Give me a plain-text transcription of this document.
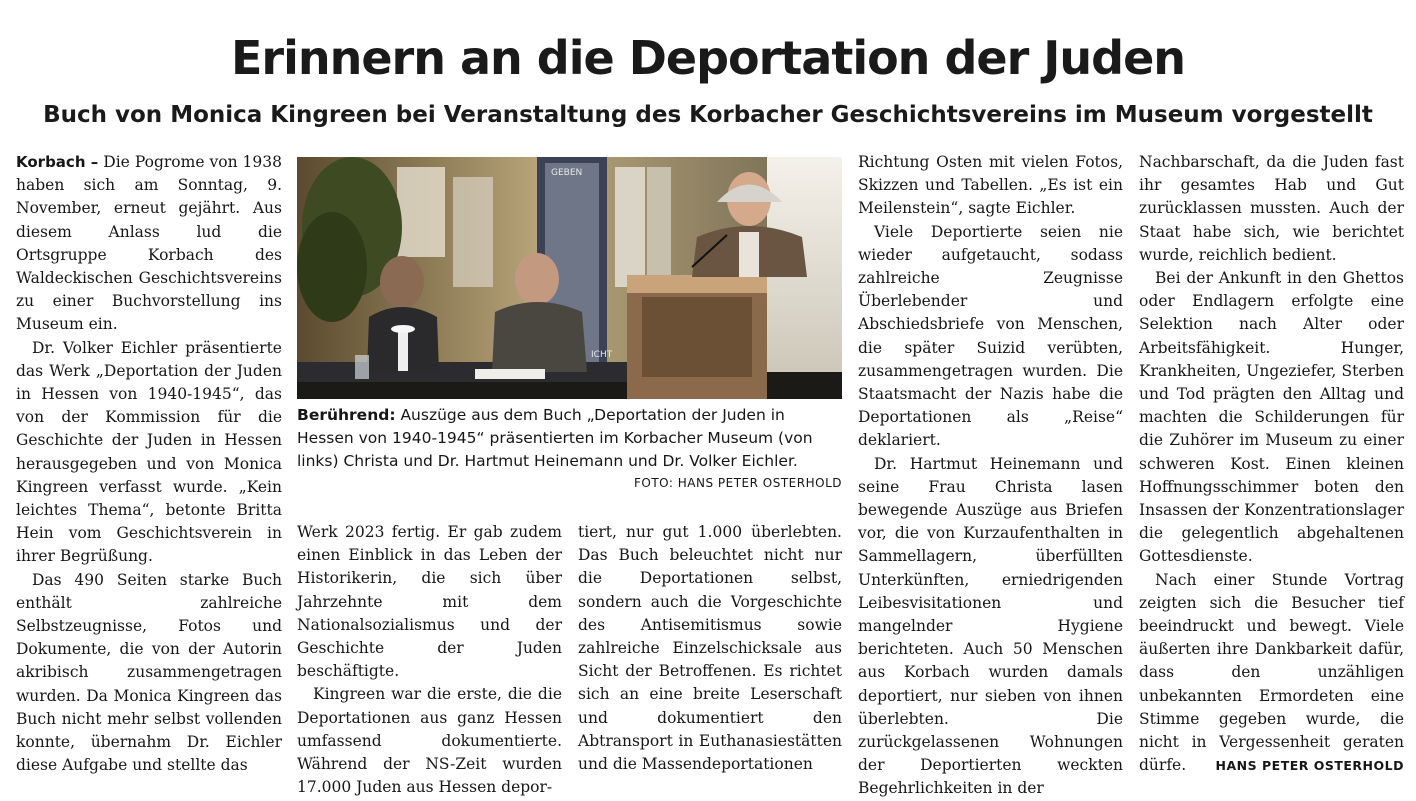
Erinnern an die Deportation der Juden
Buch von Monica Kingreen bei Veranstaltung des Korbacher Geschichtsvereins im Museum vorgestellt

Korbach – Die Pogrome von 1938 haben sich am Sonntag, 9. November, erneut gejährt. Aus diesem Anlass lud die Ortsgruppe Korbach des Waldeckischen Geschichtsvereins zu einer Buchvorstellung ins Museum ein.

Dr. Volker Eichler präsentierte das Werk „Deportation der Juden in Hessen von 1940-1945“, das von der Kommission für die Geschichte der Juden in Hessen herausgegeben und von Monica Kingreen verfasst wurde. „Kein leichtes Thema“, betonte Britta Hein vom Geschichtsverein in ihrer Begrüßung.

Das 490 Seiten starke Buch enthält zahlreiche Selbstzeugnisse, Fotos und Dokumente, die von der Autorin akribisch zusammengetragen wurden. Da Monica Kingreen das Buch nicht mehr selbst vollenden konnte, übernahm Dr. Eichler diese Aufgabe und stellte das

GEBEN
ICHT
Berührend: Auszüge aus dem Buch „Deportation der Juden in Hessen von 1940-1945“ präsentierten im Korbacher Museum (von links) Christa und Dr. Hartmut Heinemann und Dr. Volker Eichler.
FOTO: HANS PETER OSTERHOLD

Werk 2023 fertig. Er gab zudem einen Einblick in das Leben der Historikerin, die sich über Jahrzehnte mit dem Nationalsozialismus und der Geschichte der Juden beschäftigte.

Kingreen war die erste, die die Deportationen aus ganz Hessen umfassend dokumentierte. Während der NS-Zeit wurden 17.000 Juden aus Hessen depor-

tiert, nur gut 1.000 überlebten. Das Buch beleuchtet nicht nur die Deportationen selbst, sondern auch die Vorgeschichte des Antisemitismus sowie zahlreiche Einzelschicksale aus Sicht der Betroffenen. Es richtet sich an eine breite Leserschaft und dokumentiert den Abtransport in Euthanasiestätten und die Massendeportationen

Richtung Osten mit vielen Fotos, Skizzen und Tabellen. „Es ist ein Meilenstein“, sagte Eichler.

Viele Deportierte seien nie wieder aufgetaucht, sodass zahlreiche Zeugnisse Überlebender und Abschiedsbriefe von Menschen, die später Suizid verübten, zusammengetragen wurden. Die Staatsmacht der Nazis habe die Deportationen als „Reise“ deklariert.

Dr. Hartmut Heinemann und seine Frau Christa lasen bewegende Auszüge aus Briefen vor, die von Kurzaufenthalten in Sammellagern, überfüllten Unterkünften, erniedrigenden Leibesvisitationen und mangelnder Hygiene berichteten. Auch 50 Menschen aus Korbach wurden damals deportiert, nur sieben von ihnen überlebten. Die zurückgelassenen Wohnungen der Deportierten weckten Begehrlichkeiten in der

Nachbarschaft, da die Juden fast ihr gesamtes Hab und Gut zurücklassen mussten. Auch der Staat habe sich, wie berichtet wurde, reichlich bedient.

Bei der Ankunft in den Ghettos oder Endlagern erfolgte eine Selektion nach Alter oder Arbeitsfähigkeit. Hunger, Krankheiten, Ungeziefer, Sterben und Tod prägten den Alltag und machten die Schilderungen für die Zuhörer im Museum zu einer schweren Kost. Einen kleinen Hoffnungsschimmer boten den Insassen der Konzentrationslager die gelegentlich abgehaltenen Gottesdienste.

Nach einer Stunde Vortrag zeigten sich die Besucher tief beeindruckt und bewegt. Viele äußerten ihre Dankbarkeit dafür, dass den unzähligen unbekannten Ermordeten eine Stimme gegeben wurde, die nicht in Vergessenheit geraten dürfe.	HANS PETER OSTERHOLD
